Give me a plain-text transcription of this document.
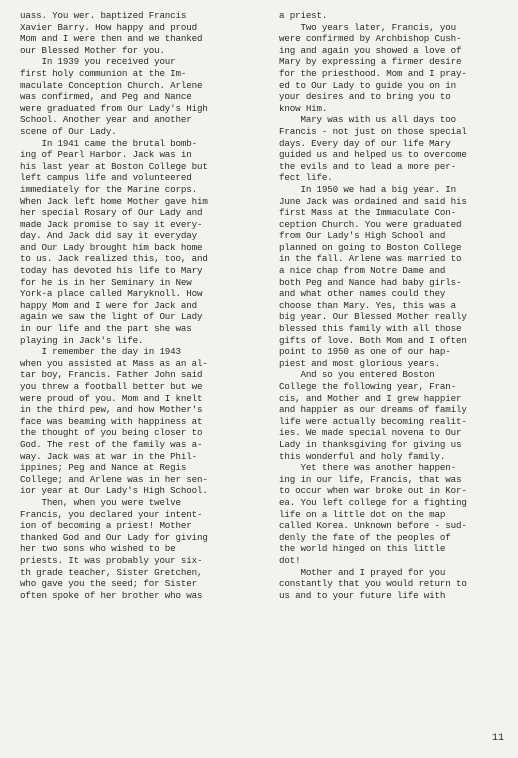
uass. You wer. baptized Francis

Xavier Barry. How happy and proud

Mom and I were then and we thanked

our Blessed Mother for you.

In 1939 you received your

first holy communion at the Im-

maculate Conception Church. Arlene

was confirmed, and Peg and Nance

were graduated from Our Lady's High

School. Another year and another

scene of Our Lady.

In 1941 came the brutal bomb-

ing of Pearl Harbor. Jack was in

his last year at Boston College but

left campus life and volunteered

immediately for the Marine corps.

When Jack left home Mother gave him

her special Rosary of Our Lady and

made Jack promise to say it every-

day. And Jack did say it everyday

and Our Lady brought him back home

to us. Jack realized this, too, and

today has devoted his life to Mary

for he is in her Seminary in New

York-a place called Maryknoll. How

happy Mom and I were for Jack and

again we saw the light of Our Lady

in our life and the part she was

playing in Jack's life.

I remember the day in 1943

when you assisted at Mass as an al-

tar boy, Francis. Father John said

you threw a football better but we

were proud of you. Mom and I knelt

in the third pew, and how Mother's

face was beaming with happiness at

the thought of you being closer to

God. The rest of the family was a-

way. Jack was at war in the Phil-

ippines; Peg and Nance at Regis

College; and Arlene was in her sen-

ior year at Our Lady's High School.

Then, when you were twelve

Francis, you declared your intent-

ion of becoming a priest! Mother

thanked God and Our Lady for giving

her two sons who wished to be

priests. It was probably your six-

th grade teacher, Sister Gretchen,

who gave you the seed; for Sister

often spoke of her brother who was

a priest.

Two years later, Francis, you

were confirmed by Archbishop Cush-

ing and again you showed a love of

Mary by expressing a firmer desire

for the priesthood. Mom and I pray-

ed to Our Lady to guide you on in

your desires and to bring you to

know Him.

Mary was with us all days too

Francis - not just on those special

days. Every day of our life Mary

guided us and helped us to overcome

the evils and to lead a more per-

fect life.

In 1950 we had a big year. In

June Jack was ordained and said his

first Mass at the Immaculate Con-

ception Church. You were graduated

from Our Lady's High School and

planned on going to Boston College

in the fall. Arlene was married to

a nice chap from Notre Dame and

both Peg and Nance had baby girls-

and what other names could they

choose than Mary. Yes, this was a

big year. Our Blessed Mother really

blessed this family with all those

gifts of love. Both Mom and I often

point to 1950 as one of our hap-

piest and most glorious years.

And so you entered Boston

College the following year, Fran-

cis, and Mother and I grew happier

and happier as our dreams of family

life were actually becoming realit-

ies. We made special novena to Our

Lady in thanksgiving for giving us

this wonderful and holy family.

Yet there was another happen-

ing in our life, Francis, that was

to occur when war broke out in Kor-

ea. You left college for a fighting

life on a little dot on the map

called Korea. Unknown before - sud-

denly the fate of the peoples of

the world hinged on this little

dot!

Mother and I prayed for you

constantly that you would return to

us and to your future life with

11
